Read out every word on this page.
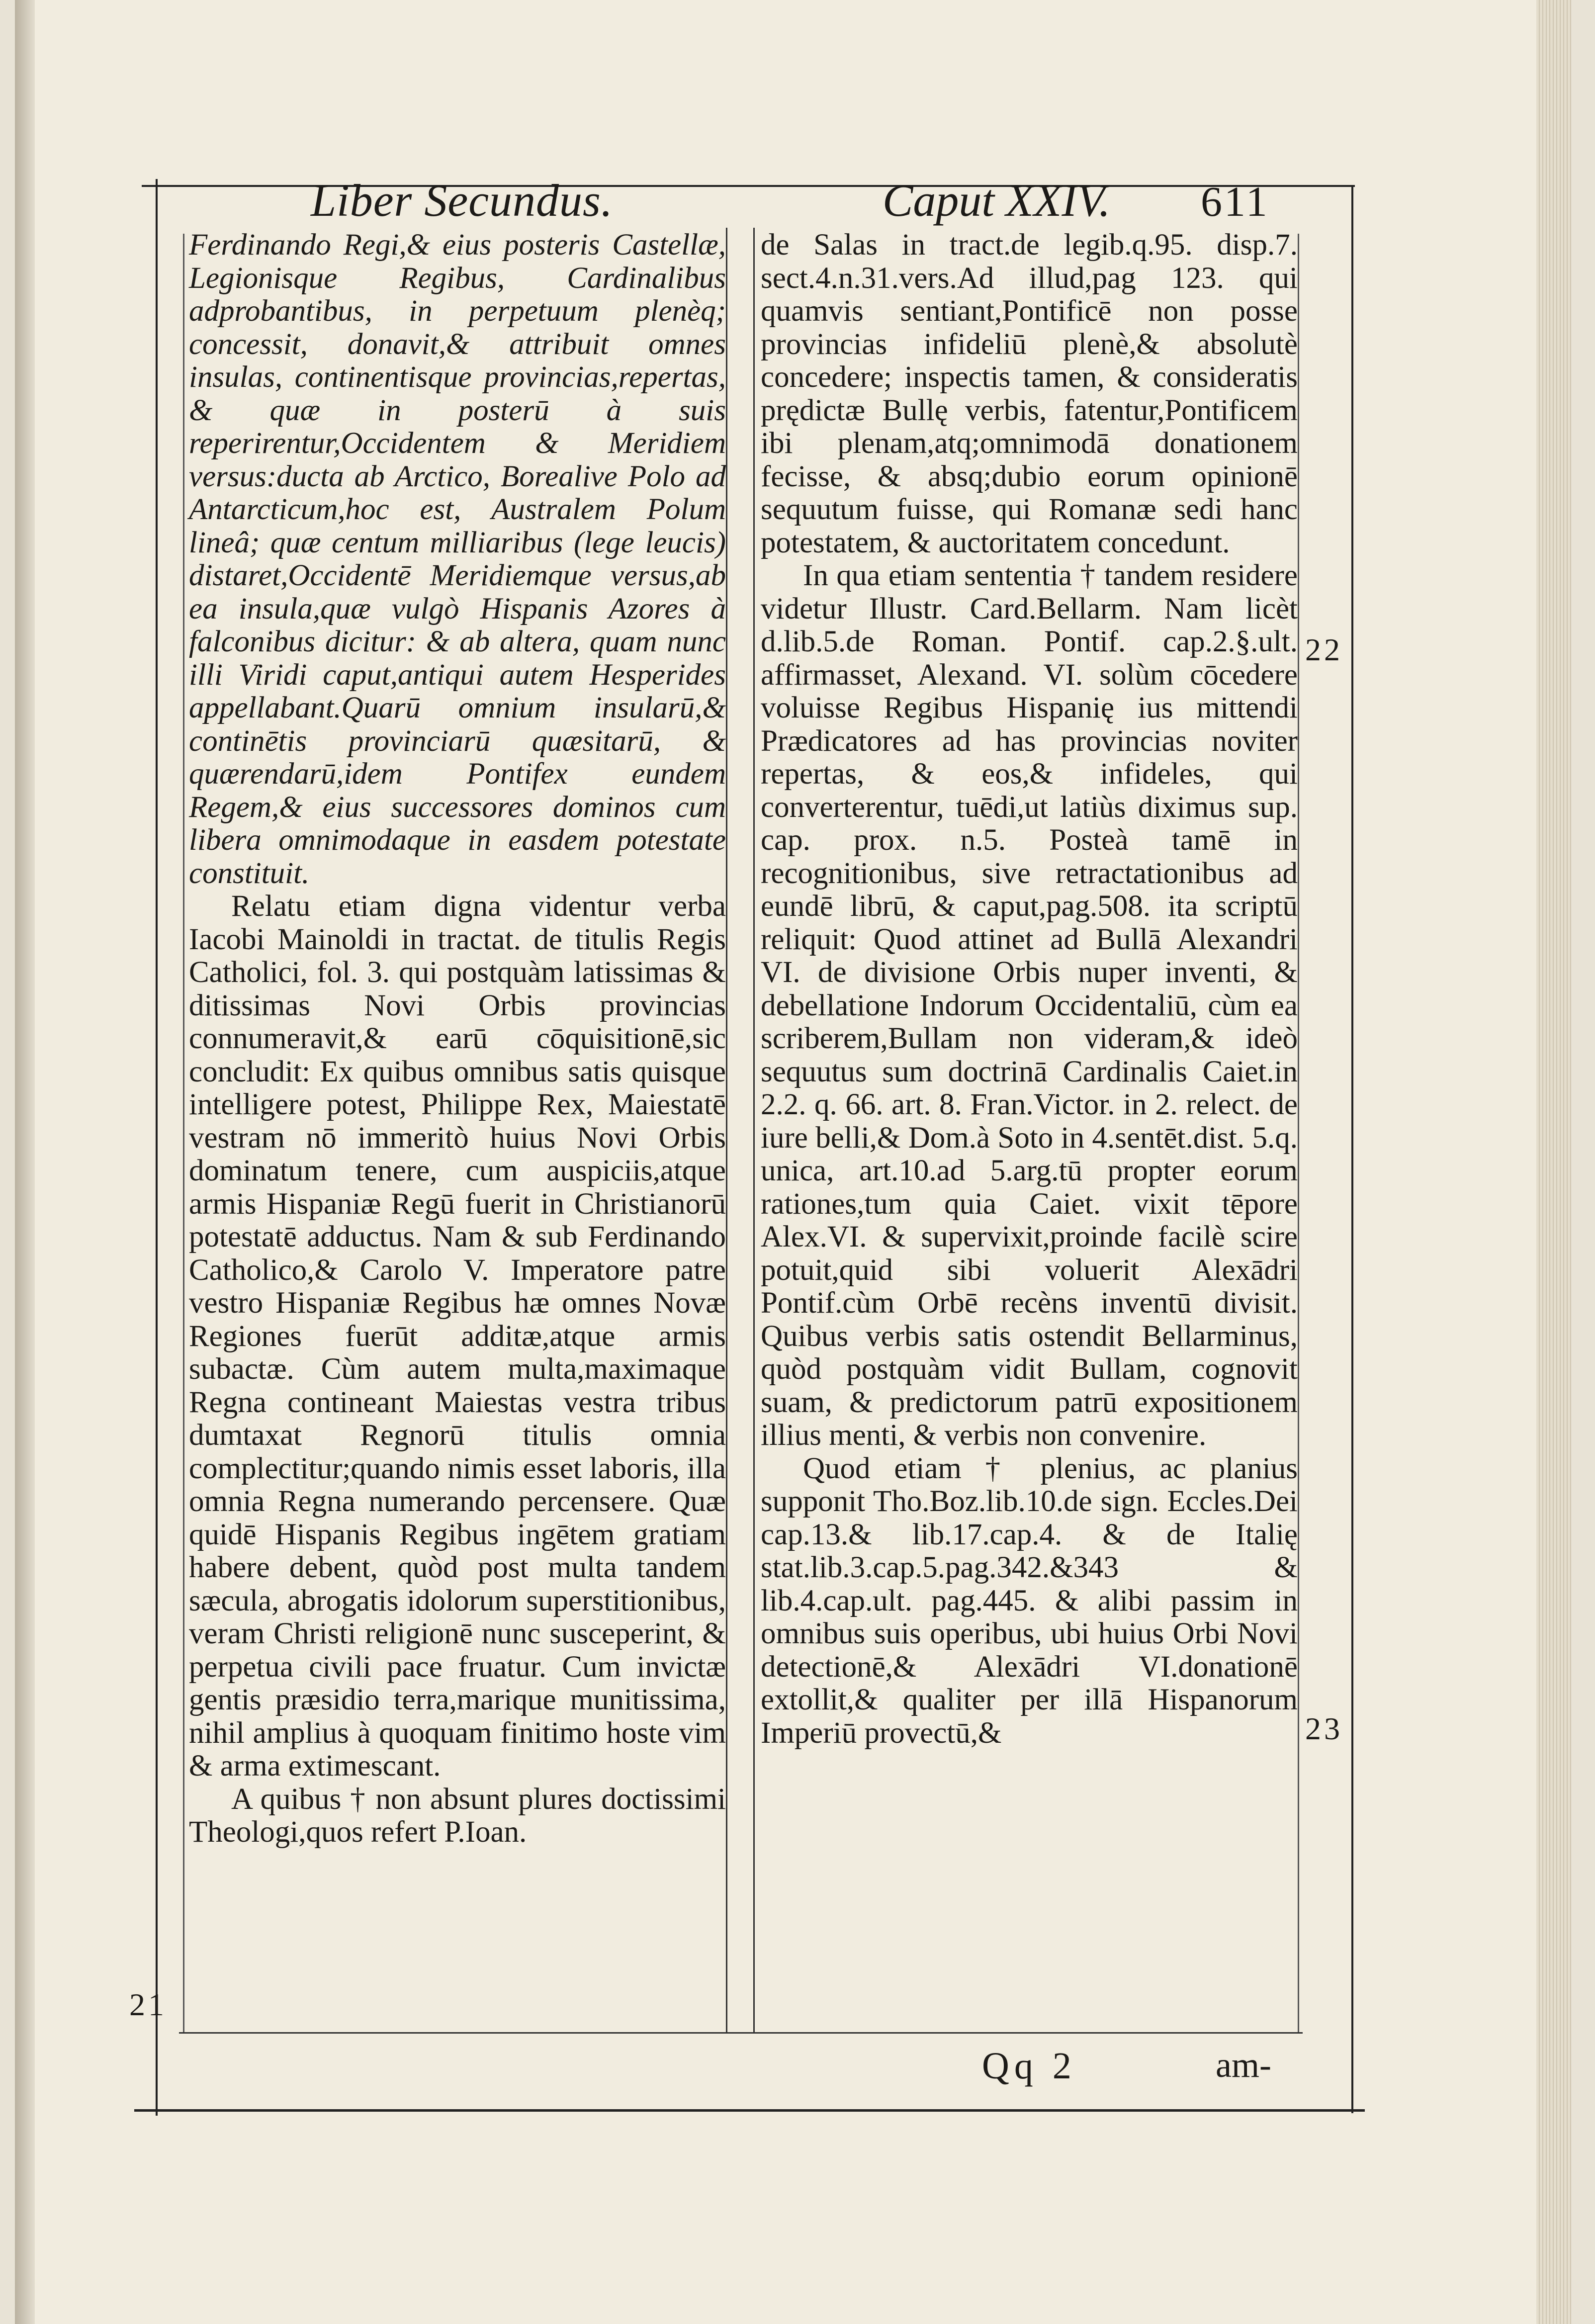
Liber Secundus.	Caput XXIV. 611

Ferdinando Regi,& eius posteris Castellæ, Legionisque Regibus, Cardinalibus adprobantibus, in perpetuum plenèq; concessit, donavit,& attribuit omnes insulas, continentisque provincias,repertas, & quæ in posterū à suis reperirentur,Occidentem & Meridiem versus:ducta ab Arctico, Borealive Polo ad Antarcticum,hoc est, Australem Polum lineâ; quæ centum milliaribus (lege leucis) distaret,Occidentē Meridiemque versus,ab ea insula,quæ vulgò Hispanis Azores à falconibus dicitur: & ab altera, quam nunc illi Viridi caput,antiqui autem Hesperides appellabant.Quarū omnium insularū,& continētis provinciarū quæsitarū, & quærendarū,idem Pontifex eundem Regem,& eius successores dominos cum libera omnimodaque in easdem potestate constituit.

Relatu etiam digna videntur verba Iacobi Mainoldi in tractat. de titulis Regis Catholici, fol. 3. qui postquàm latissimas & ditissimas Novi Orbis provincias connumeravit,& earū cōquisitionē,sic concludit: Ex quibus omnibus satis quisque intelligere potest, Philippe Rex, Maiestatē vestram nō immeritò huius Novi Orbis dominatum tenere, cum auspiciis,atque armis Hispaniæ Regū fuerit in Christianorū potestatē adductus. Nam & sub Ferdinando Catholico,& Carolo V. Imperatore patre vestro Hispaniæ Regibus hæ omnes Novæ Regiones fuerūt additæ,atque armis subactæ. Cùm autem multa,maximaque Regna contineant Maiestas vestra tribus dumtaxat Regnorū titulis omnia complectitur;quando nimis esset laboris, illa omnia Regna numerando percensere. Quæ quidē Hispanis Regibus ingētem gratiam habere debent, quòd post multa tandem sæcula, abrogatis idolorum superstitionibus, veram Christi religionē nunc susceperint, & perpetua civili pace fruatur. Cum invictæ gentis præsidio terra,marique munitissima, nihil amplius à quoquam finitimo hoste vim & arma extimescant.

A quibus † non absunt plures doctissimi Theologi,quos refert P.Ioan.

de Salas in tract.de legib.q.95. disp.7. sect.4.n.31.vers.Ad illud,pag 123. qui quamvis sentiant,Pontificē non posse provincias infideliū plenè,& absolutè concedere; inspectis tamen, & consideratis prędictæ Bullę verbis, fatentur,Pontificem ibi plenam,atq;omnimodā donationem fecisse, & absq;dubio eorum opinionē sequutum fuisse, qui Romanæ sedi hanc potestatem, & auctoritatem concedunt.

In qua etiam sententia † tandem residere videtur Illustr. Card.Bellarm. Nam licèt d.lib.5.de Roman. Pontif. cap.2.§.ult. affirmasset, Alexand. VI. solùm cōcedere voluisse Regibus Hispanię ius mittendi Prædicatores ad has provincias noviter repertas, & eos,& infideles, qui converterentur, tuēdi,ut latiùs diximus sup. cap. prox. n.5. Posteà tamē in recognitionibus, sive retractationibus ad eundē librū, & caput,pag.508. ita scriptū reliquit: Quod attinet ad Bullā Alexandri VI. de divisione Orbis nuper inventi, & debellatione Indorum Occidentaliū, cùm ea scriberem,Bullam non videram,& ideò sequutus sum doctrinā Cardinalis Caiet.in 2.2. q. 66. art. 8. Fran.Victor. in 2. relect. de iure belli,& Dom.à Soto in 4.sentēt.dist. 5.q. unica, art.10.ad 5.arg.tū propter eorum rationes,tum quia Caiet. vixit tēpore Alex.VI. & supervixit,proinde facilè scire potuit,quid sibi voluerit Alexādri Pontif.cùm Orbē recèns inventū divisit. Quibus verbis satis ostendit Bellarminus, quòd postquàm vidit Bullam, cognovit suam, & predictorum patrū expositionem illius menti, & verbis non convenire.

Quod etiam † plenius, ac planius supponit Tho.Boz.lib.10.de sign. Eccles.Dei cap.13.& lib.17.cap.4. & de Italię stat.lib.3.cap.5.pag.342.&343 & lib.4.cap.ult. pag.445. & alibi passim in omnibus suis operibus, ubi huius Orbi Novi detectionē,& Alexādri VI.donationē extollit,& qualiter per illā Hispanorum Imperiū provectū,&

21
22
23
Qq 2	am-
